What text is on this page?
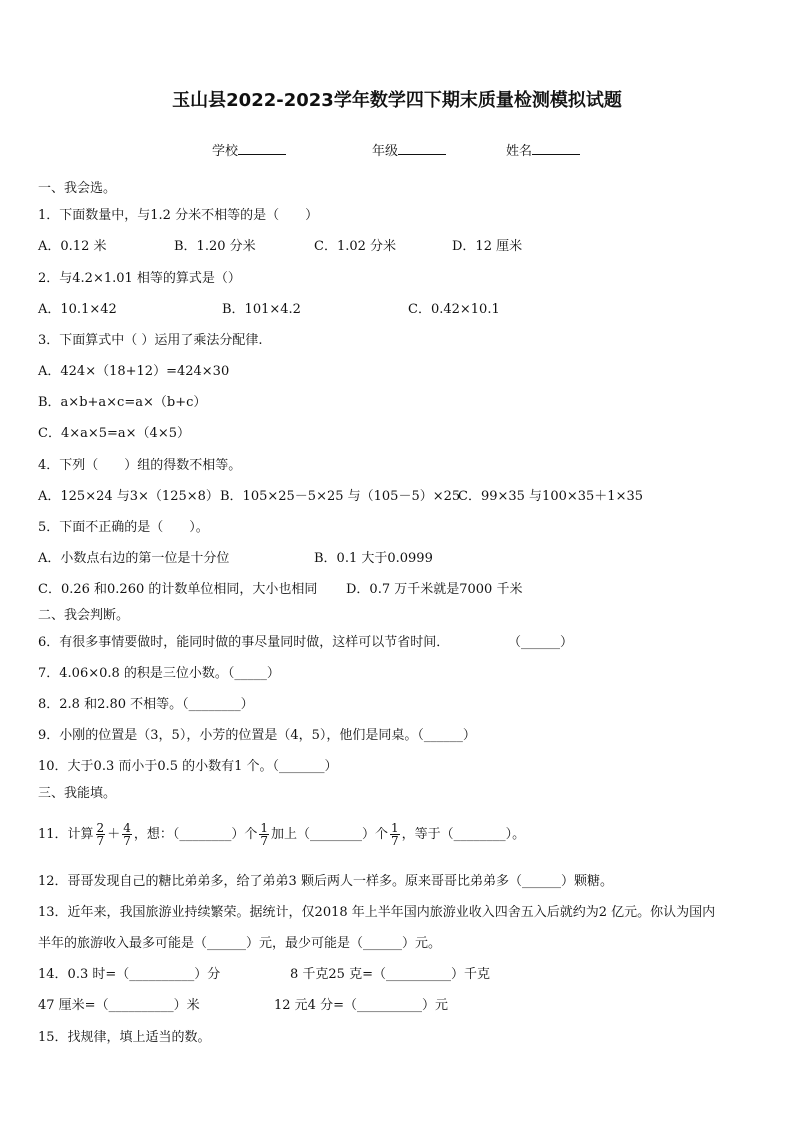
玉山县2022-2023学年数学四下期末质量检测模拟试题
学校	年级	姓名
一、我会选。
1．下面数量中，与1.2 分米不相等的是（　　）
A．0.12 米	B．1.20 分米	C．1.02 分米	D．12 厘米
2．与4.2×1.01 相等的算式是（）
A．10.1×42	B．101×4.2	C．0.42×10.1
3．下面算式中（ ）运用了乘法分配律.
A．424×（18+12）=424×30
B．a×b+a×c=a×（b+c）
C．4×a×5=a×（4×5）
4．下列（　　）组的得数不相等。
A．125×24 与3×（125×8） B．105×25－5×25 与（105－5）×25
C．99×35 与100×35＋1×35
5．下面不正确的是（　　）。
A．小数点右边的第一位是十分位	B．0.1 大于0.0999
C．0.26 和0.260 的计数单位相同，大小也相同 D．0.7 万千米就是7000 千米
二、我会判断。
6．有很多事情要做时，能同时做的事尽量同时做，这样可以节省时间．	（______）
7．4.06×0.8 的积是三位小数。（_____）
8．2.8 和2.80 不相等。（________）
9．小刚的位置是（3，5），小芳的位置是（4，5），他们是同桌。（______）
10．大于0.3 而小于0.5 的小数有1 个。（_______）
三、我能填。
11．计算 $\frac{2}{7} + \frac{4}{7}$ ，想：（________）个 $\frac{1}{7}$ 加上（________）个 $\frac{1}{7}$ ，等于（________）。
12．哥哥发现自己的糖比弟弟多，给了弟弟3 颗后两人一样多。原来哥哥比弟弟多（______）颗糖。
13．近年来，我国旅游业持续繁荣。据统计，仅2018 年上半年国内旅游业收入四舍五入后就约为2 亿元。你认为国内
半年的旅游收入最多可能是（______）元，最少可能是（______）元。
14．0.3 时=（__________）分	8 千克25 克=（__________）千克
47 厘米=（__________）米	12 元4 分=（__________）元
15．找规律，填上适当的数。
